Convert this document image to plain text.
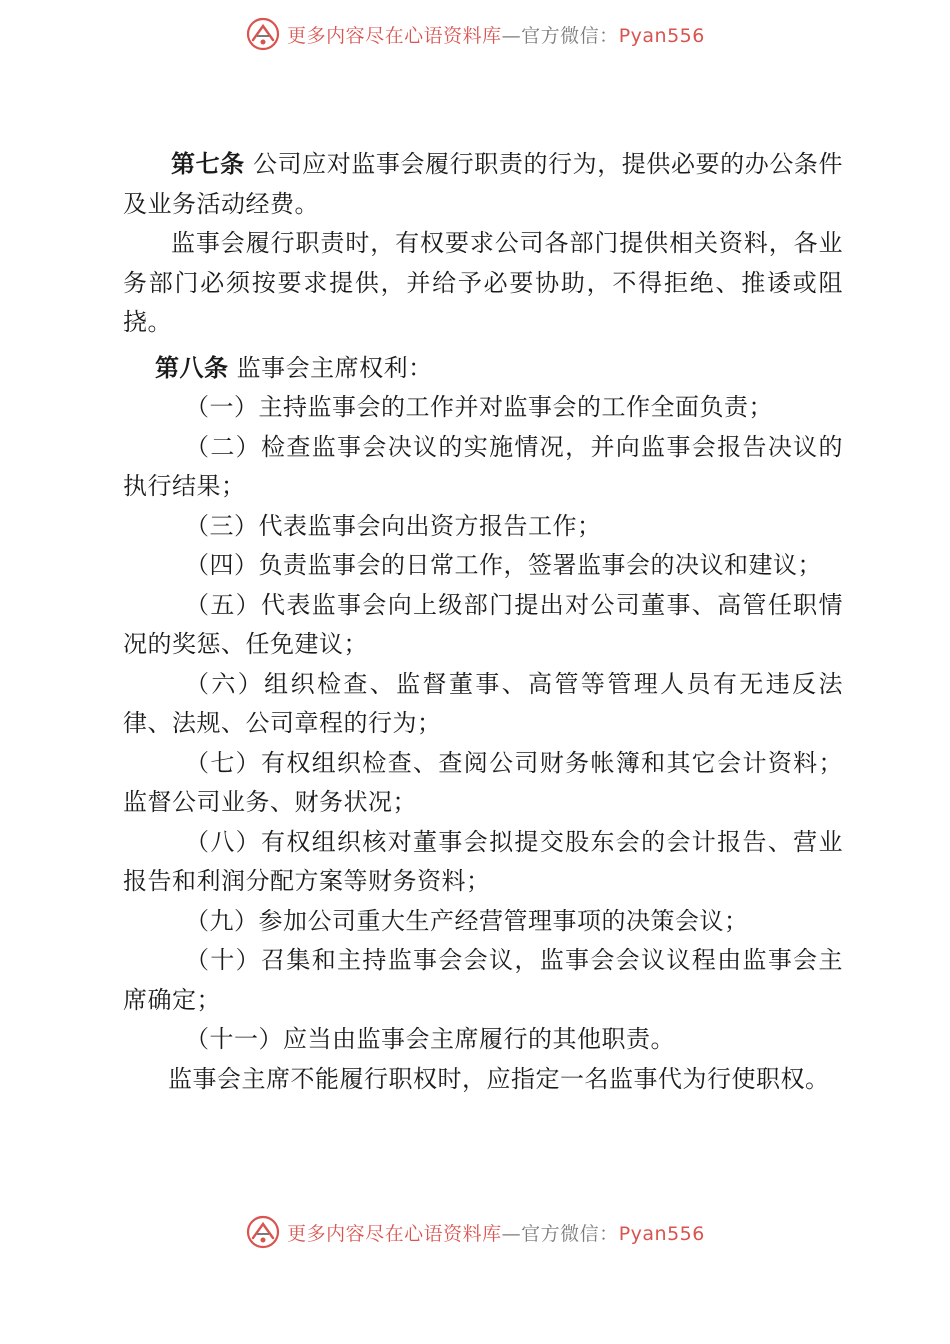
更多内容尽在心语资料库—官方微信：Pyan556

第七条 公司应对监事会履行职责的行为，提供必要的办公条件及业务活动经费。

监事会履行职责时，有权要求公司各部门提供相关资料，各业务部门必须按要求提供，并给予必要协助，不得拒绝、推诿或阻挠。

第八条 监事会主席权利：

（一）主持监事会的工作并对监事会的工作全面负责；

（二）检查监事会决议的实施情况，并向监事会报告决议的执行结果；

（三）代表监事会向出资方报告工作；

（四）负责监事会的日常工作，签署监事会的决议和建议；

（五）代表监事会向上级部门提出对公司董事、高管任职情况的奖惩、任免建议；

（六）组织检查、监督董事、高管等管理人员有无违反法律、法规、公司章程的行为；

（七）有权组织检查、查阅公司财务帐簿和其它会计资料；监督公司业务、财务状况；

（八）有权组织核对董事会拟提交股东会的会计报告、营业报告和利润分配方案等财务资料；

（九）参加公司重大生产经营管理事项的决策会议；

（十）召集和主持监事会会议，监事会会议议程由监事会主席确定；

（十一）应当由监事会主席履行的其他职责。

监事会主席不能履行职权时，应指定一名监事代为行使职权。

更多内容尽在心语资料库—官方微信：Pyan556
